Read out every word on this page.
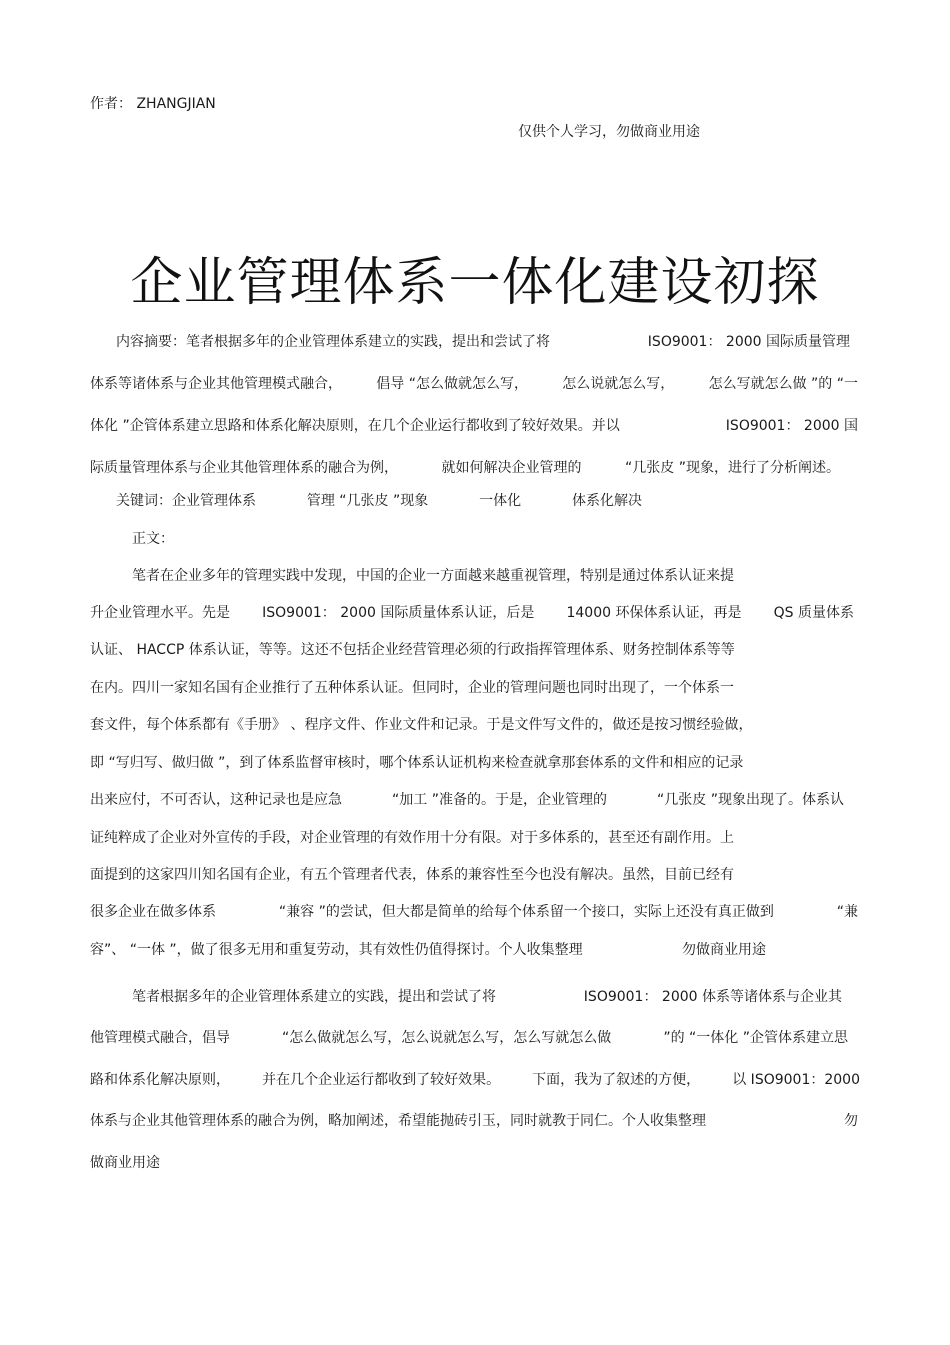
作者： ZHANGJIAN
仅供个人学习，勿做商业用途
企业管理体系一体化建设初探
内容摘要：笔者根据多年的企业管理体系建立的实践，提出和尝试了将	ISO9001： 2000 国际质量管理
体系等诸体系与企业其他管理模式融合， 倡导 “怎么做就怎么写， 怎么说就怎么写， 怎么写就怎么做 ”的 “一
体化 ”企管体系建立思路和体系化解决原则，在几个企业运行都收到了较好效果。并以	ISO9001： 2000 国
际质量管理体系与企业其他管理体系的融合为例，	就如何解决企业管理的	“几张皮 ”现象，进行了分析阐述。
关键词：企业管理体系	管理 “几张皮 ”现象	一体化	体系化解决
正文：
笔者在企业多年的管理实践中发现，中国的企业一方面越来越重视管理，特别是通过体系认证来提
升企业管理水平。先是 ISO9001： 2000 国际质量体系认证，后是 14000 环保体系认证，再是 QS 质量体系
认证、 HACCP 体系认证，等等。这还不包括企业经营管理必须的行政指挥管理体系、财务控制体系等等
在内。四川一家知名国有企业推行了五种体系认证。但同时，企业的管理问题也同时出现了，一个体系一
套文件，每个体系都有《手册》 、程序文件、作业文件和记录。于是文件写文件的，做还是按习惯经验做，
即 “写归写、做归做 ”，到了体系监督审核时，哪个体系认证机构来检查就拿那套体系的文件和相应的记录
出来应付，不可否认，这种记录也是应急	“加工 ”准备的。于是，企业管理的	“几张皮 ”现象出现了。体系认
证纯粹成了企业对外宣传的手段，对企业管理的有效作用十分有限。对于多体系的，甚至还有副作用。上
面提到的这家四川知名国有企业，有五个管理者代表，体系的兼容性至今也没有解决。虽然，目前已经有
很多企业在做多体系	“兼容 ”的尝试，但大都是简单的给每个体系留一个接口，实际上还没有真正做到	“兼
容”、 “一体 ”，做了很多无用和重复劳动，其有效性仍值得探讨。个人收集整理	勿做商业用途
笔者根据多年的企业管理体系建立的实践，提出和尝试了将	ISO9001： 2000 体系等诸体系与企业其
他管理模式融合，倡导	“怎么做就怎么写，怎么说就怎么写，怎么写就怎么做	”的 “一体化 ”企管体系建立思
路和体系化解决原则， 并在几个企业运行都收到了较好效果。 下面，我为了叙述的方便， 以 ISO9001：2000
体系与企业其他管理体系的融合为例，略加阐述，希望能抛砖引玉，同时就教于同仁。个人收集整理	勿
做商业用途
